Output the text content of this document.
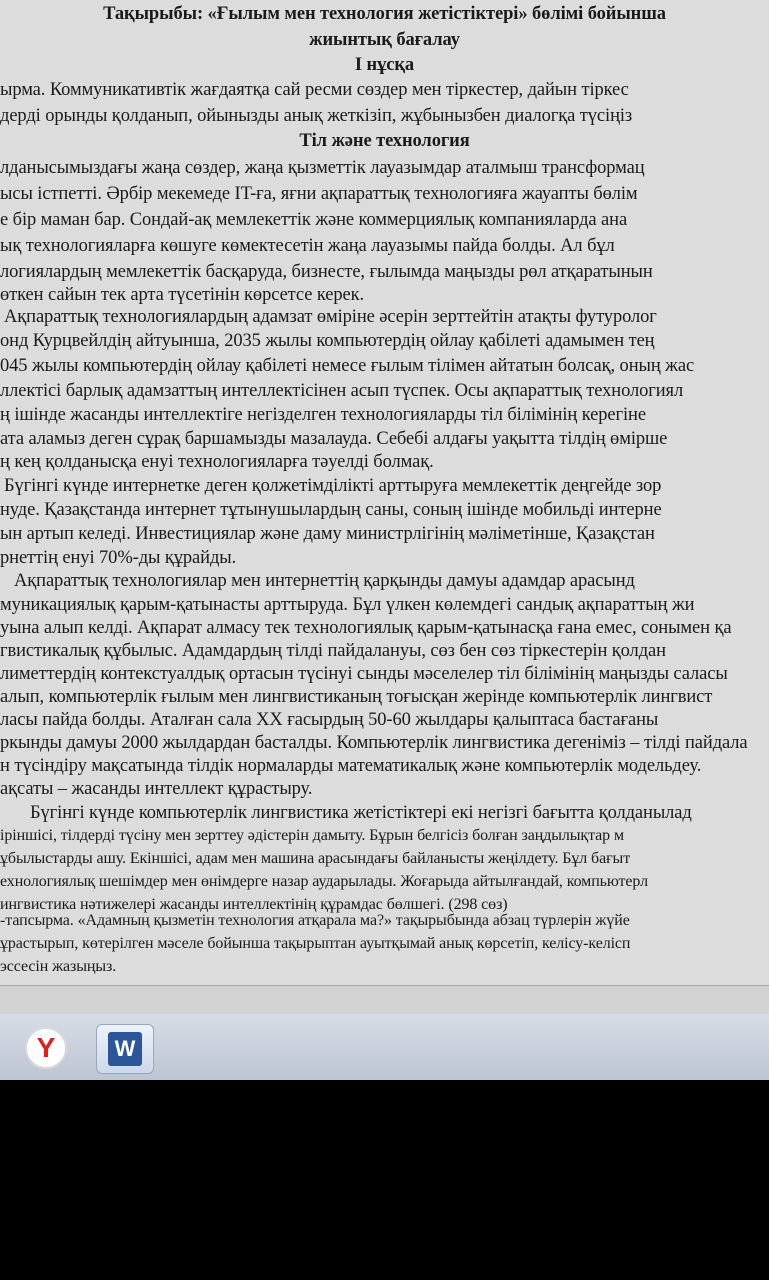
Тақырыбы: «Ғылым мен технология жетістіктері» бөлімі бойынша
жиынтық бағалау
I нұсқа
ырма. Коммуникативтік жағдаятқа сай ресми сөздер мен тіркестер, дайын тіркес
дерді орынды қолданып, ойынызды анық жеткізіп, жұбынызбен диалогқа түсіңіз
Тіл және технология
лданысымыздағы жаңа сөздер, жаңа қызметтік лауазымдар аталмыш трансформац
ысы істпетті. Әрбір мекемеде IT-ға, яғни ақпараттық технологияға жауапты бөлім
е бір маман бар. Сондай-ақ мемлекеттік және коммерциялық компанияларда ана
ық технологияларға көшуге көмектесетін жаңа лауазымы пайда болды. Ал бұл
логиялардың мемлекеттік басқаруда, бизнесте, ғылымда маңызды рөл атқаратынын
өткен сайын тек арта түсетінін көрсетсе керек.
Ақпараттық технологиялардың адамзат өміріне әсерін зерттейтін атақты футуролог
онд Курцвейлдің айтуынша, 2035 жылы компьютердің ойлау қабілеті адамымен тең
045 жылы компьютердің ойлау қабілеті немесе ғылым тілімен айтатын болсақ, оның жас
ллектісі барлық адамзаттың интеллектісінен асып түспек. Осы ақпараттық технологиял
ң ішінде жасанды интеллектіге негізделген технологияларды тіл білімінің керегіне
ата аламыз деген сұрақ баршамызды мазалауда. Себебі алдағы уақытта тілдің өмірше
ң кең қолданысқа енуі технологияларға тәуелді болмақ.
Бүгінгі күнде интернетке деген қолжетімділікті арттыруға мемлекеттік деңгейде зор
нуде. Қазақстанда интернет тұтынушылардың саны, соның ішінде мобильді интерне
ын артып келеді. Инвестициялар және даму министрлігінің мәліметінше, Қазақстан
рнеттің енуі 70%-ды құрайды.
Ақпараттық технологиялар мен интернеттің қарқынды дамуы адамдар арасынд
муникациялық қарым-қатынасты арттыруда. Бұл үлкен көлемдегі сандық ақпараттың жи
уына алып келді. Ақпарат алмасу тек технологиялық қарым-қатынасқа ғана емес, сонымен қа
гвистикалық құбылыс. Адамдардың тілді пайдалануы, сөз бен сөз тіркестерін қолдан
лиметтердің контекстуалдық ортасын түсінуі сынды мәселелер тіл білімінің маңызды саласы
алып, компьютерлік ғылым мен лингвистиканың тоғысқан жерінде компьютерлік лингвист
ласы пайда болды. Аталған сала XX ғасырдың 50-60 жылдары қалыптаса бастағаны
ркынды дамуы 2000 жылдардан басталды. Компьютерлік лингвистика дегеніміз – тілді пайдала
н түсіндіру мақсатында тілдік нормаларды математикалық және компьютерлік модельдеу.
ақсаты – жасанды интеллект құрастыру.
Бүгінгі күнде компьютерлік лингвистика жетістіктері екі негізгі бағытта қолданылад
іріншісі, тілдерді түсіну мен зерттеу әдістерін дамыту. Бұрын белгісіз болған заңдылықтар м
ұбылыстарды ашу. Екіншісі, адам мен машина арасындағы байланысты жеңілдету. Бұл бағыт
ехнологиялық шешімдер мен өнімдерге назар аударылады. Жоғарыда айтылғандай, компьютерл
ингвистика нәтижелері жасанды интеллектінің құрамдас бөлшегі. (298 сөз)
-тапсырма. «Адамның қызметін технология атқарала ма?» тақырыбында абзац түрлерін жүйе
ұрастырып, көтерілген мәселе бойынша тақырыптан ауытқымай анық көрсетіп, келісу-келісп
эссесін жазыңыз.
Y	W
